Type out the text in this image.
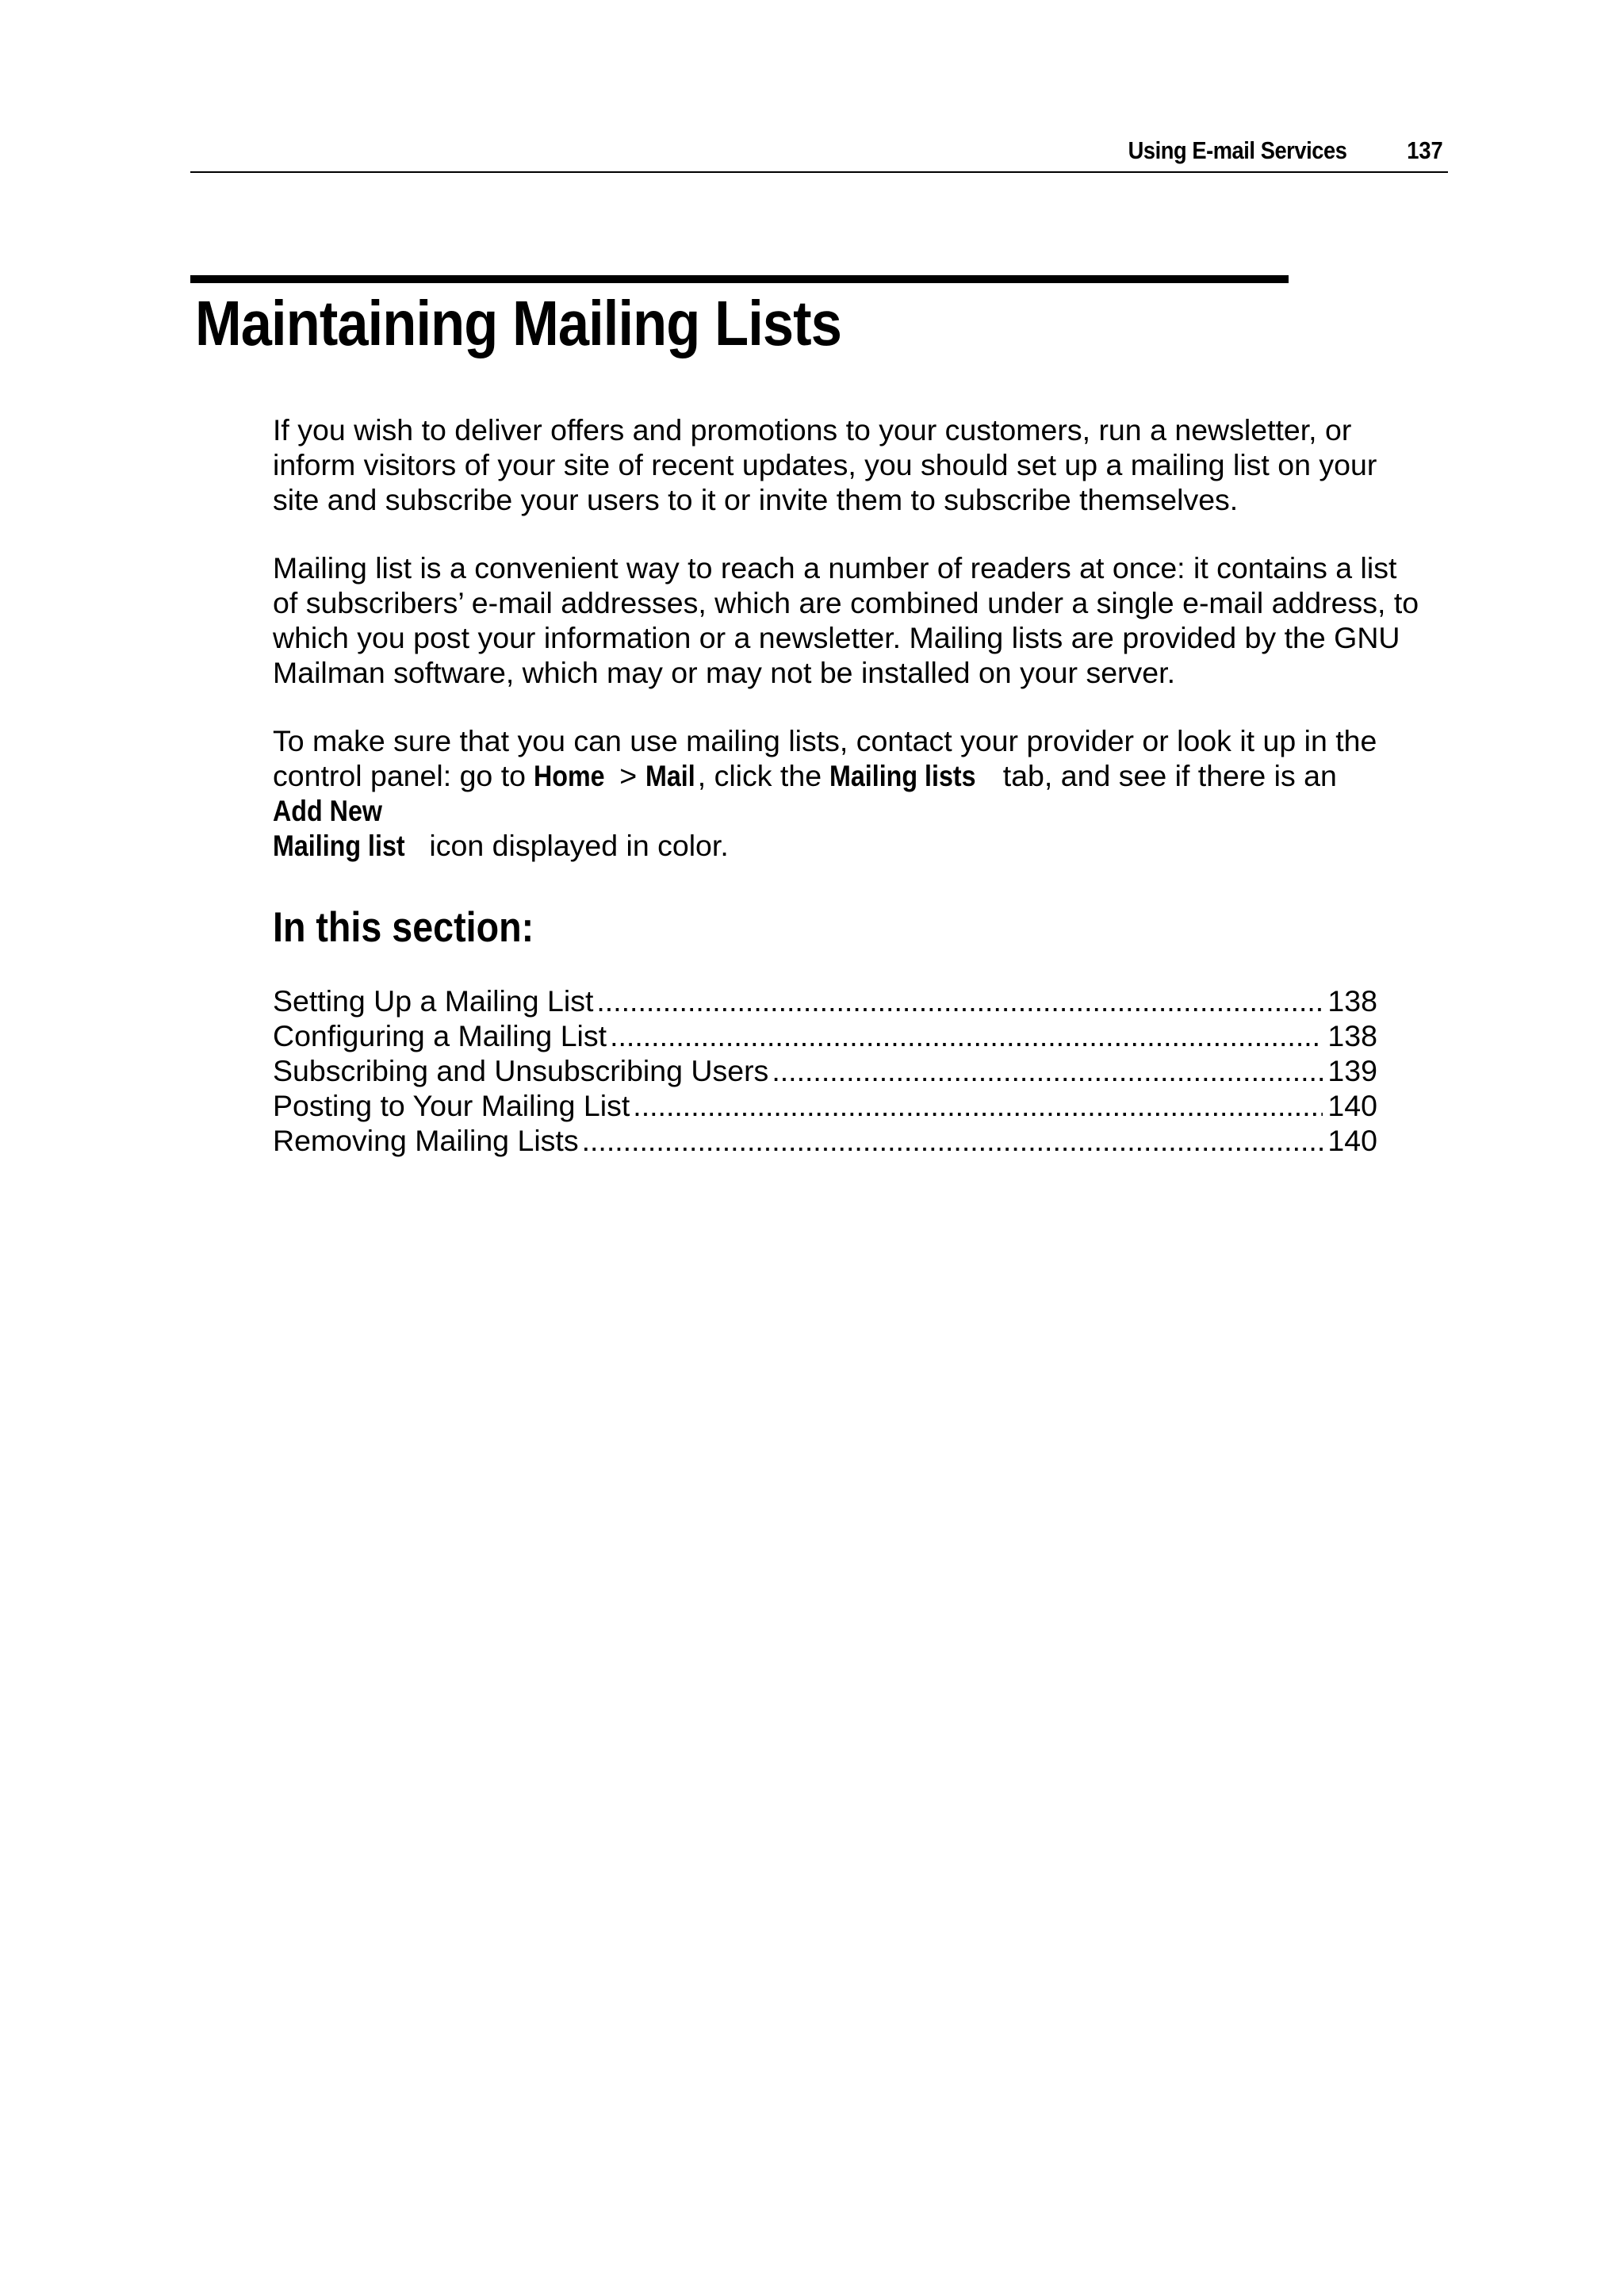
Using E-mail Services 137
Maintaining Mailing Lists

If you wish to deliver offers and promotions to your customers, run a newsletter, or
inform visitors of your site of recent updates, you should set up a mailing list on your
site and subscribe your users to it or invite them to subscribe themselves.

Mailing list is a convenient way to reach a number of readers at once: it contains a list
of subscribers’ e-mail addresses, which are combined under a single e-mail address, to
which you post your information or a newsletter. Mailing lists are provided by the GNU
Mailman software, which may or may not be installed on your server.

To make sure that you can use mailing lists, contact your provider or look it up in the
control panel: go to Home > Mail, click the Mailing lists tab, and see if there is an Add New
Mailing list icon displayed in color.

In this section:
Setting Up a Mailing List .....	138
Configuring a Mailing List .....	138
Subscribing and Unsubscribing Users .....	139
Posting to Your Mailing List .....	140
Removing Mailing Lists .....	140
